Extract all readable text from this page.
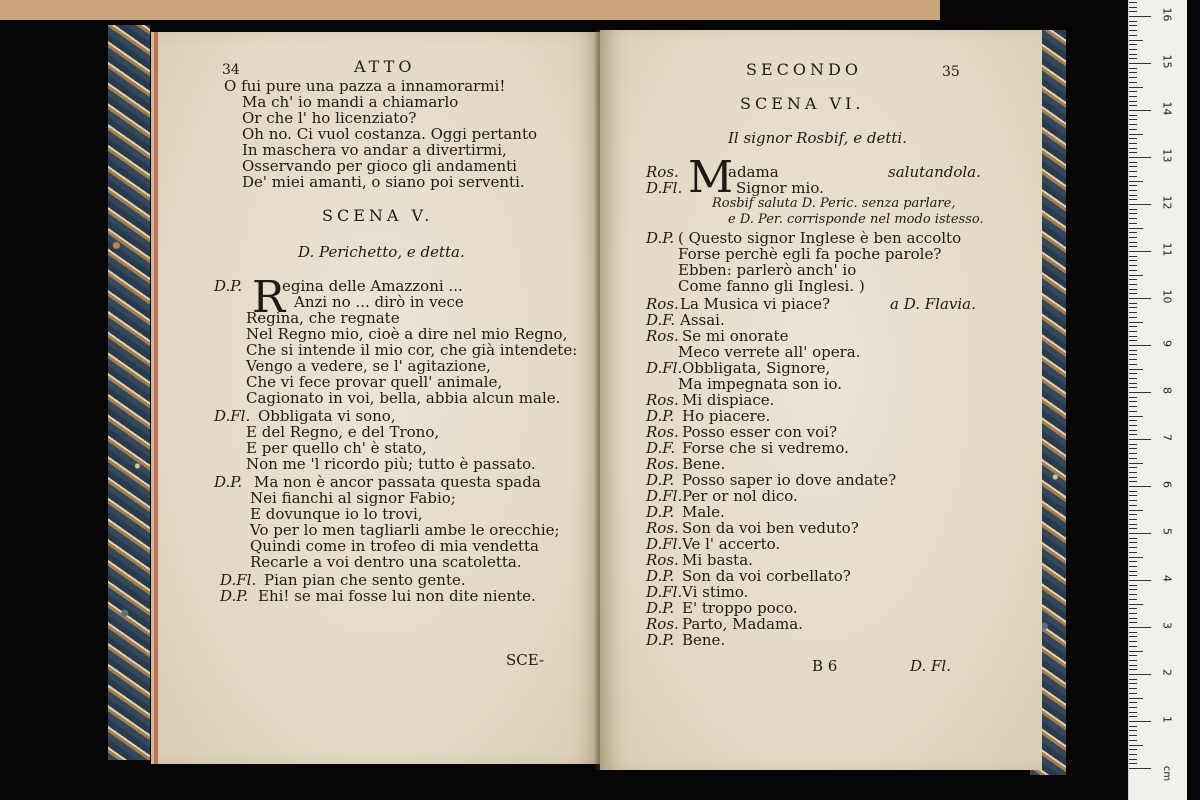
34	ATTO
O fui pure una pazza a innamorarmi!
Ma ch' io mandi a chiamarlo
Or che l' ho licenziato?
Oh no. Ci vuol costanza. Oggi pertanto
In maschera vo andar a divertirmi,
Osservando per gioco gli andamenti
De' miei amanti, o siano poi serventi.
SCENA V.
D. Perichetto, e detta.
R
D.P.	egina delle Amazzoni ...
Anzi no ... dirò in vece
Regina, che regnate
Nel Regno mio, cioè a dire nel mio Regno,
Che si intende il mio cor, che già intendete:
Vengo a vedere, se l' agitazione,
Che vi fece provar quell' animale,
Cagionato in voi, bella, abbia alcun male.
D.Fl. Obbligata vi sono,
E del Regno, e del Trono,
E per quello ch' è stato,
Non me 'l ricordo più; tutto è passato.
D.P. Ma non è ancor passata questa spada
Nei fianchi al signor Fabio;
E dovunque io lo trovi,
Vo per lo men tagliarli ambe le orecchie;
Quindi come in trofeo di mia vendetta
Recarle a voi dentro una scatoletta.
D.Fl. Pian pian che sento gente.
D.P. Ehi! se mai fosse lui non dite niente.
SCE-
SECONDO	35
SCENA VI.
Il signor Rosbif, e detti.
M
Ros.	adama	salutandola.
D.Fl.	Signor mio.
Rosbif saluta D. Peric. senza parlare,
e D. Per. corrisponde nel modo istesso.
D.P. ( Questo signor Inglese è ben accolto
Forse perchè egli fa poche parole?
Ebben: parlerò anch' io
Come fanno gli Inglesi. )
Ros. La Musica vi piace?	a D. Flavia.
D.F. Assai.
Ros. Se mi onorate
Meco verrete all' opera.
D.Fl. Obbligata, Signore,
Ma impegnata son io.
Ros. Mi dispiace.
D.P. Ho piacere.
Ros. Posso esser con voi?
D.F. Forse che si vedremo.
Ros. Bene.
D.P. Posso saper io dove andate?
D.Fl. Per or nol dico.
D.P. Male.
Ros. Son da voi ben veduto?
D.Fl. Ve l' accerto.
Ros. Mi basta.
D.P. Son da voi corbellato?
D.Fl. Vi stimo.
D.P. E' troppo poco.
Ros. Parto, Madama.
D.P. Bene.
B 6	D. Fl.
1
2
3
4
5
6
7
8
9
10
11
12
13
14
15
16
cm
